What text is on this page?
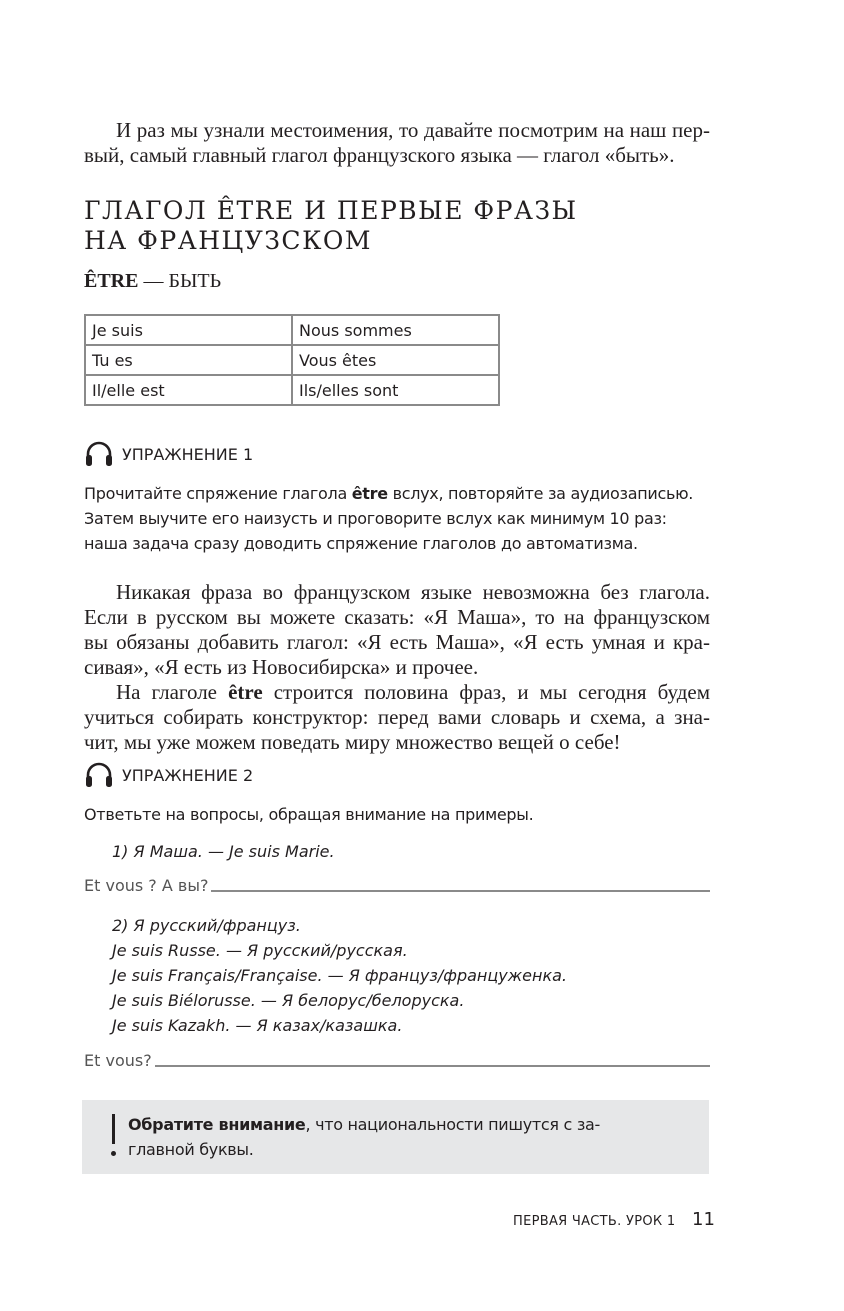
И раз мы узнали местоимения, то давайте посмотрим на наш пер-
вый, самый главный глагол французского языка — глагол «быть».
ГЛАГОЛ ÊTRE И ПЕРВЫЕ ФРАЗЫ
НА ФРАНЦУЗСКОМ
ÊTRE — БЫТЬ
Je suis	Nous sommes
Tu es	Vous êtes
Il/elle est	Ils/elles sont
УПРАЖНЕНИЕ 1
Прочитайте спряжение глагола être вслух, повторяйте за аудиозаписью.
Затем выучите его наизусть и проговорите вслух как минимум 10 раз:
наша задача сразу доводить спряжение глаголов до автоматизма.
Никакая фраза во французском языке невозможна без глагола.
Если в русском вы можете сказать: «Я Маша», то на французском
вы обязаны добавить глагол: «Я есть Маша», «Я есть умная и кра-
сивая», «Я есть из Новосибирска» и прочее.
На глаголе être строится половина фраз, и мы сегодня будем
учиться собирать конструктор: перед вами словарь и схема, а зна-
чит, мы уже можем поведать миру множество вещей о себе!
УПРАЖНЕНИЕ 2
Ответьте на вопросы, обращая внимание на примеры.
1) Я Маша. — Je suis Marie.
Et vous ? А вы?
2) Я русский/француз.
Je suis Russe. — Я русский/русская.
Je suis Français/Française. — Я француз/француженка.
Je suis Biélorusse. — Я белорус/белоруска.
Je suis Kazakh. — Я казах/казашка.
Et vous?
Обратите внимание, что национальности пишутся с за-
главной буквы.
ПЕРВАЯ ЧАСТЬ. УРОК 1 11
